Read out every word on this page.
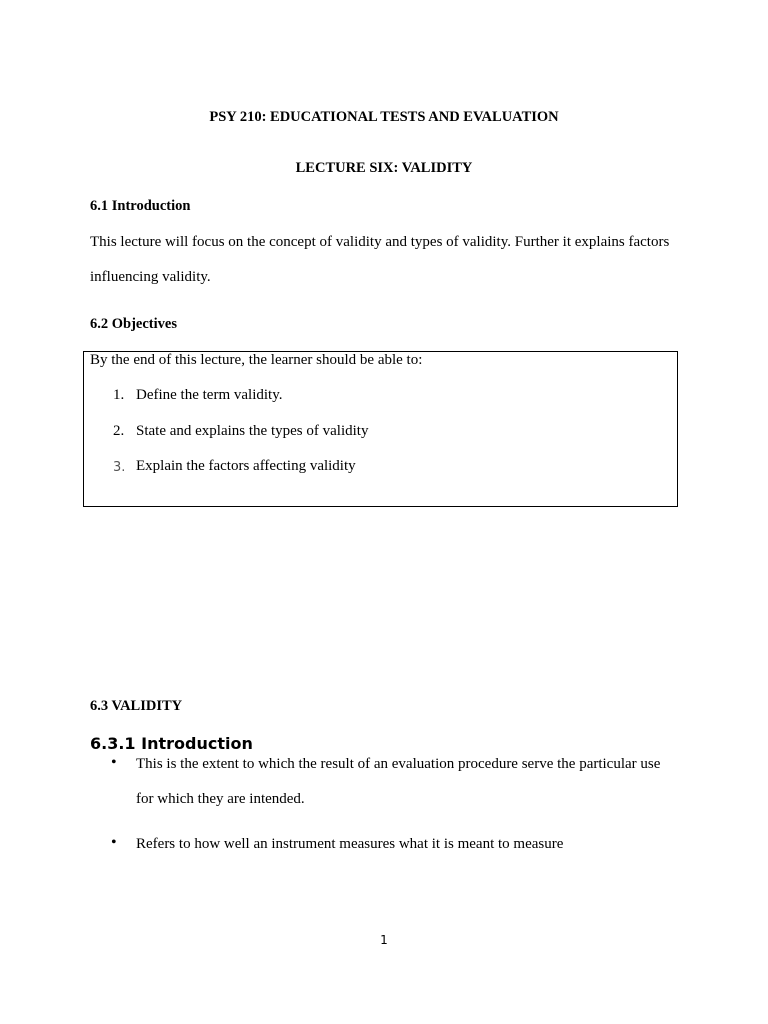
PSY 210: EDUCATIONAL TESTS AND EVALUATION
LECTURE SIX: VALIDITY
6.1 Introduction
This lecture will focus on the concept of validity and types of validity. Further it explains factors influencing validity.
6.2 Objectives
By the end of this lecture, the learner should be able to:
1. Define the term validity.
2. State and explains the types of validity
3. Explain the factors affecting validity
6.3 VALIDITY
6.3.1 Introduction
• This is the extent to which the result of an evaluation procedure serve the particular use for which they are intended.
• Refers to how well an instrument measures what it is meant to measure
1
